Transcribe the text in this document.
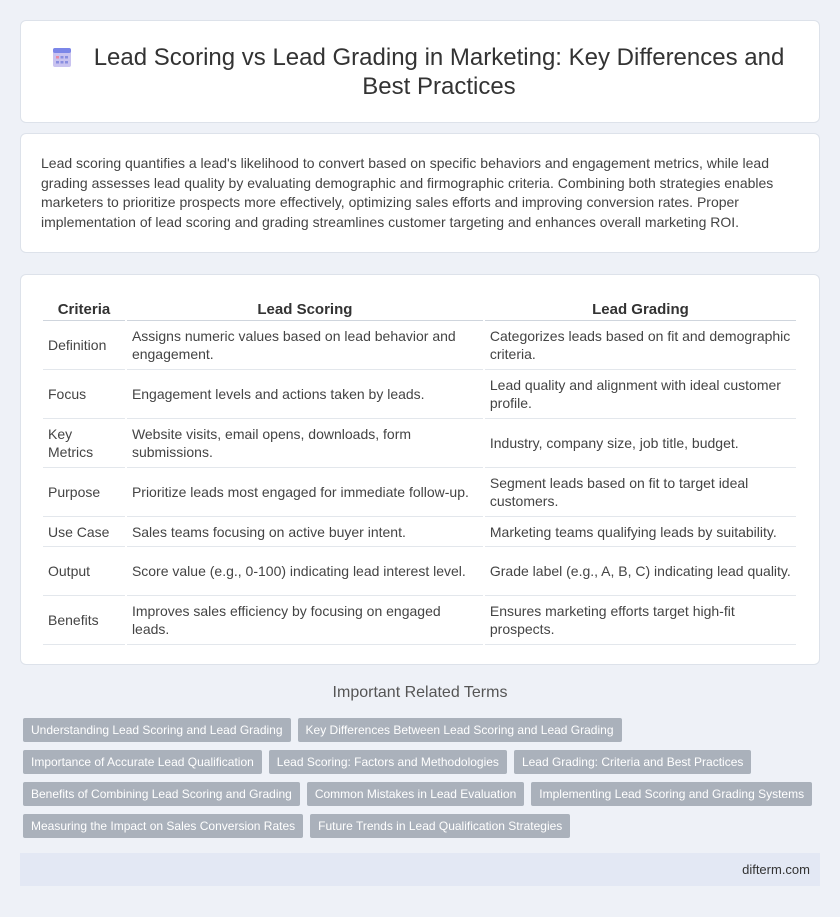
Lead Scoring vs Lead Grading in Marketing: Key Differences and Best Practices

Lead scoring quantifies a lead's likelihood to convert based on specific behaviors and engagement metrics, while lead grading assesses lead quality by evaluating demographic and firmographic criteria. Combining both strategies enables marketers to prioritize prospects more effectively, optimizing sales efforts and improving conversion rates. Proper implementation of lead scoring and grading streamlines customer targeting and enhances overall marketing ROI.

Criteria	Lead Scoring	Lead Grading
Definition	Assigns numeric values based on lead behavior and engagement.	Categorizes leads based on fit and demographic criteria.
Focus	Engagement levels and actions taken by leads.	Lead quality and alignment with ideal customer profile.
Key Metrics	Website visits, email opens, downloads, form submissions.	Industry, company size, job title, budget.
Purpose	Prioritize leads most engaged for immediate follow-up.	Segment leads based on fit to target ideal customers.
Use Case	Sales teams focusing on active buyer intent.	Marketing teams qualifying leads by suitability.
Output	Score value (e.g., 0-100) indicating lead interest level.	Grade label (e.g., A, B, C) indicating lead quality.
Benefits	Improves sales efficiency by focusing on engaged leads.	Ensures marketing efforts target high-fit prospects.
Important Related Terms
Understanding Lead Scoring and Lead Grading	Key Differences Between Lead Scoring and Lead Grading
Importance of Accurate Lead Qualification	Lead Scoring: Factors and Methodologies	Lead Grading: Criteria and Best Practices
Benefits of Combining Lead Scoring and Grading	Common Mistakes in Lead Evaluation	Implementing Lead Scoring and Grading Systems
Measuring the Impact on Sales Conversion Rates	Future Trends in Lead Qualification Strategies
difterm.com
